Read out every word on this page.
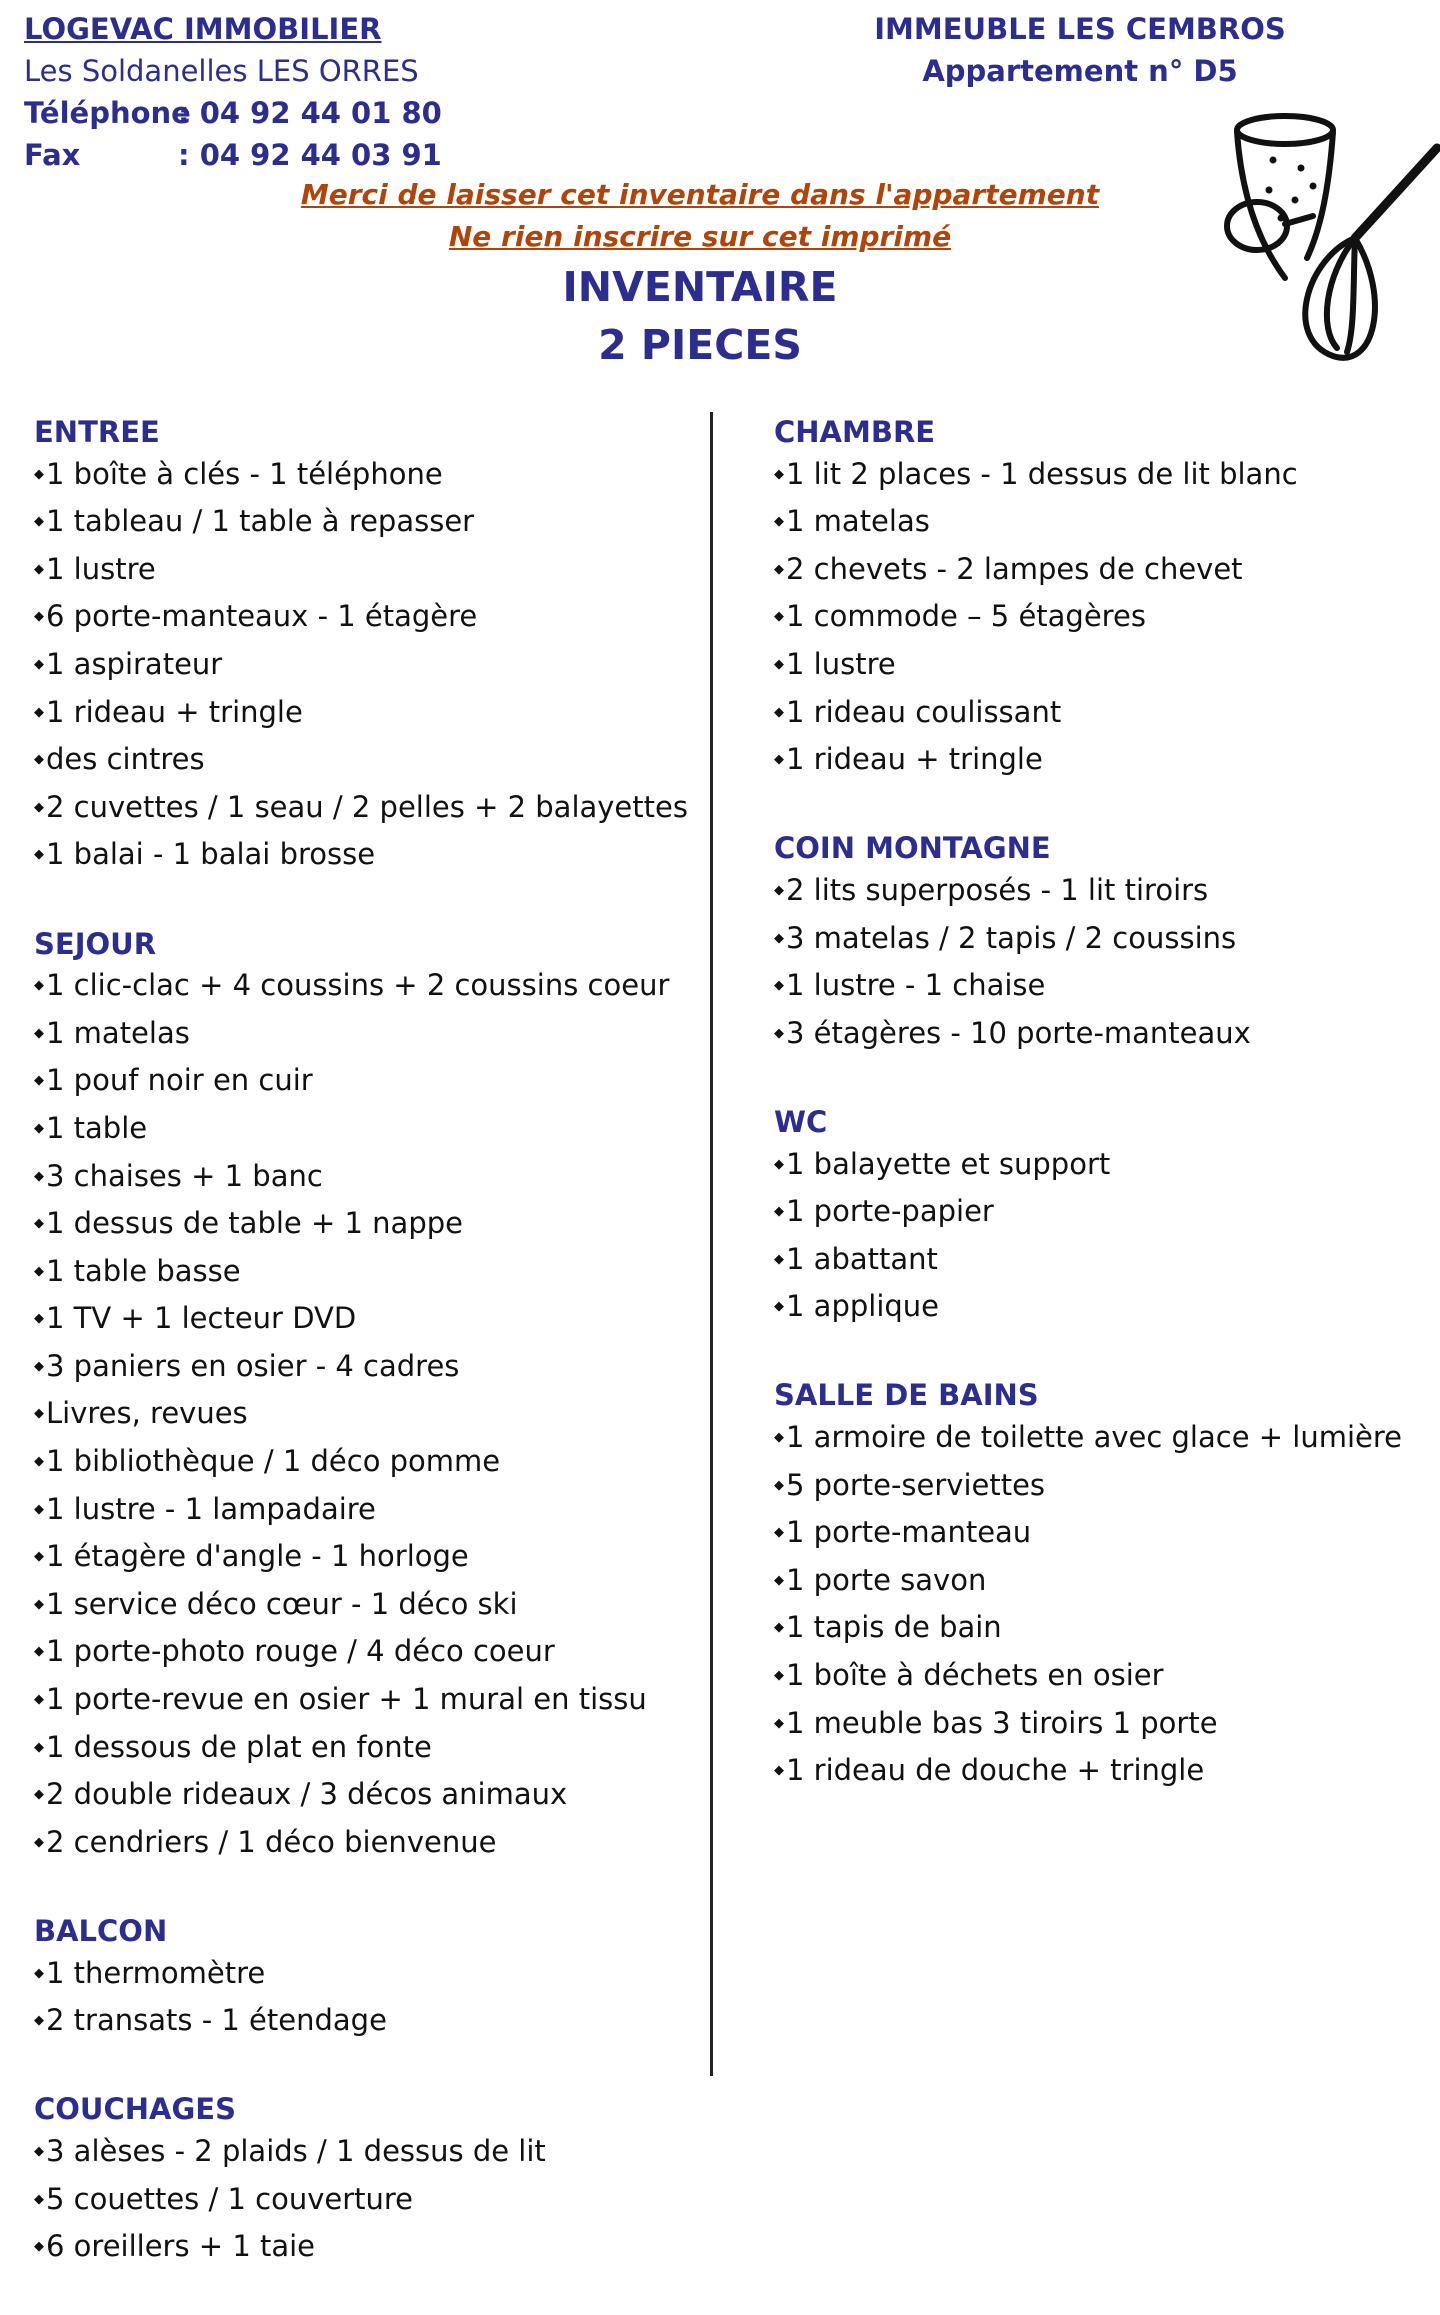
LOGEVAC IMMOBILIER
Les Soldanelles LES ORRES
Téléphone: 04 92 44 01 80
Fax	: 04 92 44 03 91
IMMEUBLE LES CEMBROS
Appartement n° D5
Merci de laisser cet inventaire dans l'appartement
Ne rien inscrire sur cet imprimé
INVENTAIRE
2 PIECES
ENTREE
◆ 1 boîte à clés - 1 téléphone
◆ 1 tableau / 1 table à repasser
◆ 1 lustre
◆ 6 porte-manteaux - 1 étagère
◆ 1 aspirateur
◆ 1 rideau + tringle
◆ des cintres
◆ 2 cuvettes / 1 seau / 2 pelles + 2 balayettes
◆ 1 balai - 1 balai brosse
SEJOUR
◆ 1 clic-clac + 4 coussins + 2 coussins coeur
◆ 1 matelas
◆ 1 pouf noir en cuir
◆ 1 table
◆ 3 chaises + 1 banc
◆ 1 dessus de table + 1 nappe
◆ 1 table basse
◆ 1 TV + 1 lecteur DVD
◆ 3 paniers en osier - 4 cadres
◆ Livres, revues
◆ 1 bibliothèque / 1 déco pomme
◆ 1 lustre - 1 lampadaire
◆ 1 étagère d'angle - 1 horloge
◆ 1 service déco cœur - 1 déco ski
◆ 1 porte-photo rouge / 4 déco coeur
◆ 1 porte-revue en osier + 1 mural en tissu
◆ 1 dessous de plat en fonte
◆ 2 double rideaux / 3 décos animaux
◆ 2 cendriers / 1 déco bienvenue
BALCON
◆ 1 thermomètre
◆ 2 transats - 1 étendage
COUCHAGES
◆ 3 alèses - 2 plaids / 1 dessus de lit
◆ 5 couettes / 1 couverture
◆ 6 oreillers + 1 taie
CHAMBRE
◆ 1 lit 2 places - 1 dessus de lit blanc
◆ 1 matelas
◆ 2 chevets - 2 lampes de chevet
◆ 1 commode – 5 étagères
◆ 1 lustre
◆ 1 rideau coulissant
◆ 1 rideau + tringle
COIN MONTAGNE
◆ 2 lits superposés - 1 lit tiroirs
◆ 3 matelas / 2 tapis / 2 coussins
◆ 1 lustre - 1 chaise
◆ 3 étagères - 10 porte-manteaux
WC
◆ 1 balayette et support
◆ 1 porte-papier
◆ 1 abattant
◆ 1 applique
SALLE DE BAINS
◆ 1 armoire de toilette avec glace + lumière
◆ 5 porte-serviettes
◆ 1 porte-manteau
◆ 1 porte savon
◆ 1 tapis de bain
◆ 1 boîte à déchets en osier
◆ 1 meuble bas 3 tiroirs 1 porte
◆ 1 rideau de douche + tringle
